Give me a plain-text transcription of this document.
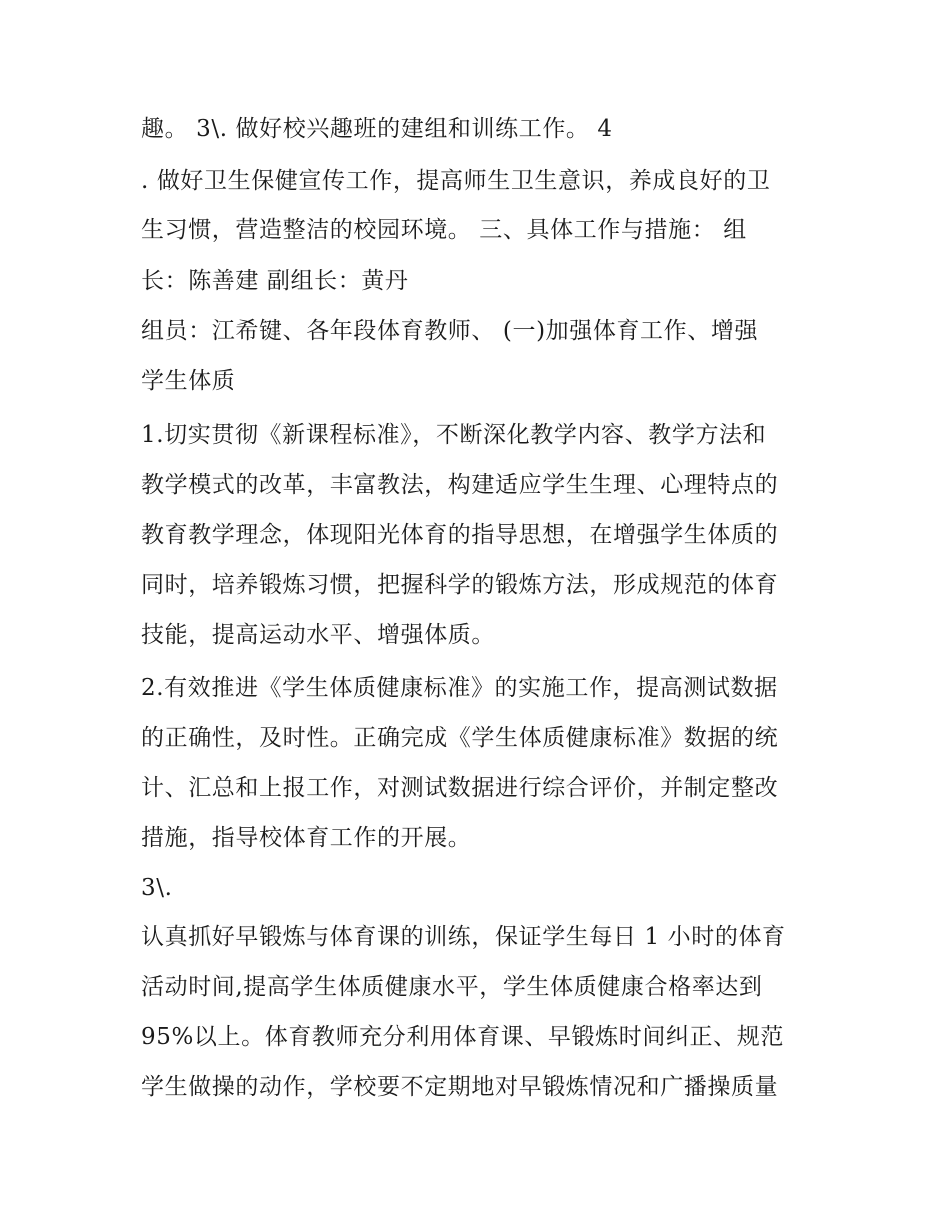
趣。 3\. 做好校兴趣班的建组和训练工作。 4
. 做好卫生保健宣传工作，提高师生卫生意识，养成良好的卫
生习惯，营造整洁的校园环境。 三、具体工作与措施： 组
长：陈善建 副组长：黄丹
组员：江希键、各年段体育教师、 (一)加强体育工作、增强
学生体质
1.切实贯彻《新课程标准》，不断深化教学内容、教学方法和
教学模式的改革，丰富教法，构建适应学生生理、心理特点的
教育教学理念，体现阳光体育的指导思想，在增强学生体质的
同时，培养锻炼习惯，把握科学的锻炼方法，形成规范的体育
技能，提高运动水平、增强体质。
2.有效推进《学生体质健康标准》的实施工作，提高测试数据
的正确性，及时性。正确完成《学生体质健康标准》数据的统
计、汇总和上报工作，对测试数据进行综合评价，并制定整改
措施，指导校体育工作的开展。
3\.
认真抓好早锻炼与体育课的训练，保证学生每日 1 小时的体育
活动时间,提高学生体质健康水平，学生体质健康合格率达到
95%以上。体育教师充分利用体育课、早锻炼时间纠正、规范
学生做操的动作，学校要不定期地对早锻炼情况和广播操质量
